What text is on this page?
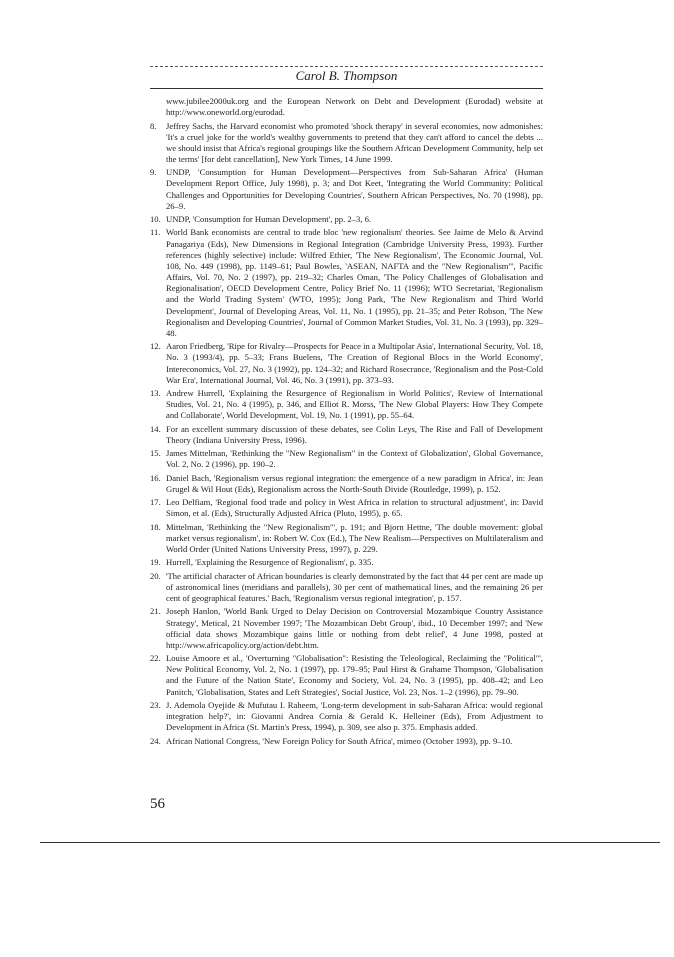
Carol B. Thompson
www.jubilee2000uk.org and the European Network on Debt and Development (Eurodad) website at http://www.oneworld.org/eurodad.
8.	Jeffrey Sachs, the Harvard economist who promoted 'shock therapy' in several economies, now admonishes: 'It's a cruel joke for the world's wealthy governments to pretend that they can't afford to cancel the debts ... we should insist that Africa's regional groupings like the Southern African Development Community, help set the terms' [for debt cancellation], New York Times, 14 June 1999.
9.	UNDP, 'Consumption for Human Development—Perspectives from Sub-Saharan Africa' (Human Development Report Office, July 1998), p. 3; and Dot Keet, 'Integrating the World Community: Political Challenges and Opportunities for Developing Countries', Southern African Perspectives, No. 70 (1998), pp. 26–9.
10. UNDP, 'Consumption for Human Development', pp. 2–3, 6.
11. World Bank economists are central to trade bloc 'new regionalism' theories. See Jaime de Melo & Arvind Panagariya (Eds), New Dimensions in Regional Integration (Cambridge University Press, 1993). Further references (highly selective) include: Wilfred Ethier, 'The New Regionalism', The Economic Journal, Vol. 108, No. 449 (1998), pp. 1149–61; Paul Bowles, 'ASEAN, NAFTA and the "New Regionalism"', Pacific Affairs, Vol. 70, No. 2 (1997), pp. 219–32; Charles Oman, 'The Policy Challenges of Globalisation and Regionalisation', OECD Development Centre, Policy Brief No. 11 (1996); WTO Secretariat, 'Regionalism and the World Trading System' (WTO, 1995); Jong Park, 'The New Regionalism and Third World Development', Journal of Developing Areas, Vol. 11, No. 1 (1995), pp. 21–35; and Peter Robson, 'The New Regionalism and Developing Countries', Journal of Common Market Studies, Vol. 31, No. 3 (1993), pp. 329–48.
12. Aaron Friedberg, 'Ripe for Rivalry—Prospects for Peace in a Multipolar Asia', International Security, Vol. 18, No. 3 (1993/4), pp. 5–33; Frans Buelens, 'The Creation of Regional Blocs in the World Economy', Intereconomics, Vol. 27, No. 3 (1992), pp. 124–32; and Richard Rosecrance, 'Regionalism and the Post-Cold War Era', International Journal, Vol. 46, No. 3 (1991), pp. 373–93.
13. Andrew Hurrell, 'Explaining the Resurgence of Regionalism in World Politics', Review of International Studies, Vol. 21, No. 4 (1995), p. 346, and Elliot R. Morss, 'The New Global Players: How They Compete and Collaborate', World Development, Vol. 19, No. 1 (1991), pp. 55–64.
14. For an excellent summary discussion of these debates, see Colin Leys, The Rise and Fall of Development Theory (Indiana University Press, 1996).
15. James Mittelman, 'Rethinking the "New Regionalism" in the Context of Globalization', Global Governance, Vol. 2, No. 2 (1996), pp. 190–2.
16. Daniel Bach, 'Regionalism versus regional integration: the emergence of a new paradigm in Africa', in: Jean Grugel & Wil Hout (Eds), Regionalism across the North-South Divide (Routledge, 1999), p. 152.
17. Leo Delfiam, 'Regional food trade and policy in West Africa in relation to structural adjustment', in: David Simon, et al. (Eds), Structurally Adjusted Africa (Pluto, 1995), p. 65.
18. Mittelman, 'Rethinking the "New Regionalism"', p. 191; and Bjorn Hettne, 'The double movement: global market versus regionalism', in: Robert W. Cox (Ed.), The New Realism—Perspectives on Multilateralism and World Order (United Nations University Press, 1997), p. 229.
19. Hurrell, 'Explaining the Resurgence of Regionalism', p. 335.
20. 'The artificial character of African boundaries is clearly demonstrated by the fact that 44 per cent are made up of astronomical lines (meridians and parallels), 30 per cent of mathematical lines, and the remaining 26 per cent of geographical features.' Bach, 'Regionalism versus regional integration', p. 157.
21. Joseph Hanlon, 'World Bank Urged to Delay Decision on Controversial Mozambique Country Assistance Strategy', Metical, 21 November 1997; 'The Mozambican Debt Group', ibid., 10 December 1997; and 'New official data shows Mozambique gains little or nothing from debt relief', 4 June 1998, posted at http://www.africapolicy.org/action/debt.htm.
22. Louise Amoore et al., 'Overturning "Globalisation": Resisting the Teleological, Reclaiming the "Political"', New Political Economy, Vol. 2, No. 1 (1997), pp. 179–95; Paul Hirst & Grahame Thompson, 'Globalisation and the Future of the Nation State', Economy and Society, Vol. 24, No. 3 (1995), pp. 408–42; and Leo Panitch, 'Globalisation, States and Left Strategies', Social Justice, Vol. 23, Nos. 1–2 (1996), pp. 79–90.
23. J. Ademola Oyejide & Mufutau I. Raheem, 'Long-term development in sub-Saharan Africa: would regional integration help?', in: Giovanni Andrea Cornia & Gerald K. Helleiner (Eds), From Adjustment to Development in Africa (St. Martin's Press, 1994), p. 309, see also p. 375. Emphasis added.
24. African National Congress, 'New Foreign Policy for South Africa', mimeo (October 1993), pp. 9–10.
56
